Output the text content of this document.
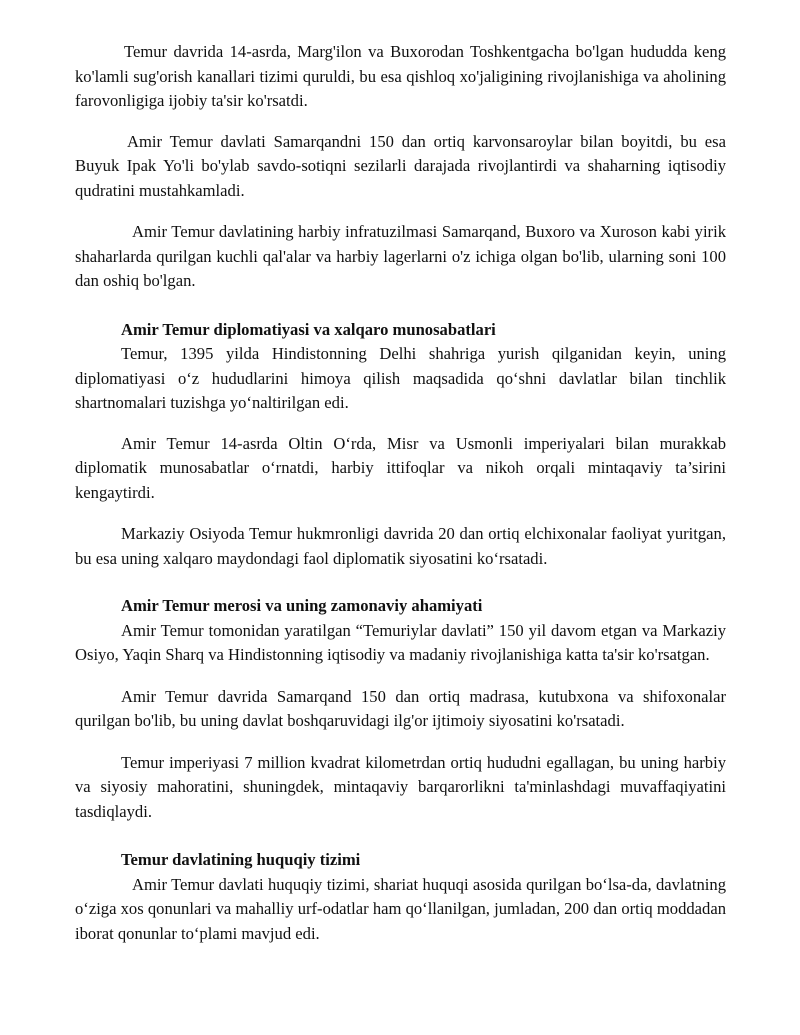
Temur davrida 14-asrda, Marg'ilon va Buxorodan Toshkentgacha bo'lgan hududda keng ko'lamli sug'orish kanallari tizimi quruldi, bu esa qishloq xo'jaligining rivojlanishiga va aholining farovonligiga ijobiy ta'sir ko'rsatdi.

Amir Temur davlati Samarqandni 150 dan ortiq karvonsaroylar bilan boyitdi, bu esa Buyuk Ipak Yo'li bo'ylab savdo-sotiqni sezilarli darajada rivojlantirdi va shaharning iqtisodiy qudratini mustahkamladi.

Amir Temur davlatining harbiy infratuzilmasi Samarqand, Buxoro va Xuroson kabi yirik shaharlarda qurilgan kuchli qal'alar va harbiy lagerlarni o'z ichiga olgan bo'lib, ularning soni 100 dan oshiq bo'lgan.

Amir Temur diplomatiyasi va xalqaro munosabatlari

Temur, 1395 yilda Hindistonning Delhi shahriga yurish qilganidan keyin, uning diplomatiyasi o‘z hududlarini himoya qilish maqsadida qo‘shni davlatlar bilan tinchlik shartnomalari tuzishga yo‘naltirilgan edi.

Amir Temur 14-asrda Oltin O‘rda, Misr va Usmonli imperiyalari bilan murakkab diplomatik munosabatlar o‘rnatdi, harbiy ittifoqlar va nikoh orqali mintaqaviy ta’sirini kengaytirdi.

Markaziy Osiyoda Temur hukmronligi davrida 20 dan ortiq elchixonalar faoliyat yuritgan, bu esa uning xalqaro maydondagi faol diplomatik siyosatini ko‘rsatadi.

Amir Temur merosi va uning zamonaviy ahamiyati

Amir Temur tomonidan yaratilgan “Temuriylar davlati” 150 yil davom etgan va Markaziy Osiyo, Yaqin Sharq va Hindistonning iqtisodiy va madaniy rivojlanishiga katta ta'sir ko'rsatgan.

Amir Temur davrida Samarqand 150 dan ortiq madrasa, kutubxona va shifoxonalar qurilgan bo'lib, bu uning davlat boshqaruvidagi ilg'or ijtimoiy siyosatini ko'rsatadi.

Temur imperiyasi 7 million kvadrat kilometrdan ortiq hududni egallagan, bu uning harbiy va siyosiy mahoratini, shuningdek, mintaqaviy barqarorlikni ta'minlashdagi muvaffaqiyatini tasdiqlaydi.

Temur davlatining huquqiy tizimi

Amir Temur davlati huquqiy tizimi, shariat huquqi asosida qurilgan bo‘lsa-da, davlatning o‘ziga xos qonunlari va mahalliy urf-odatlar ham qo‘llanilgan, jumladan, 200 dan ortiq moddadan iborat qonunlar to‘plami mavjud edi.
